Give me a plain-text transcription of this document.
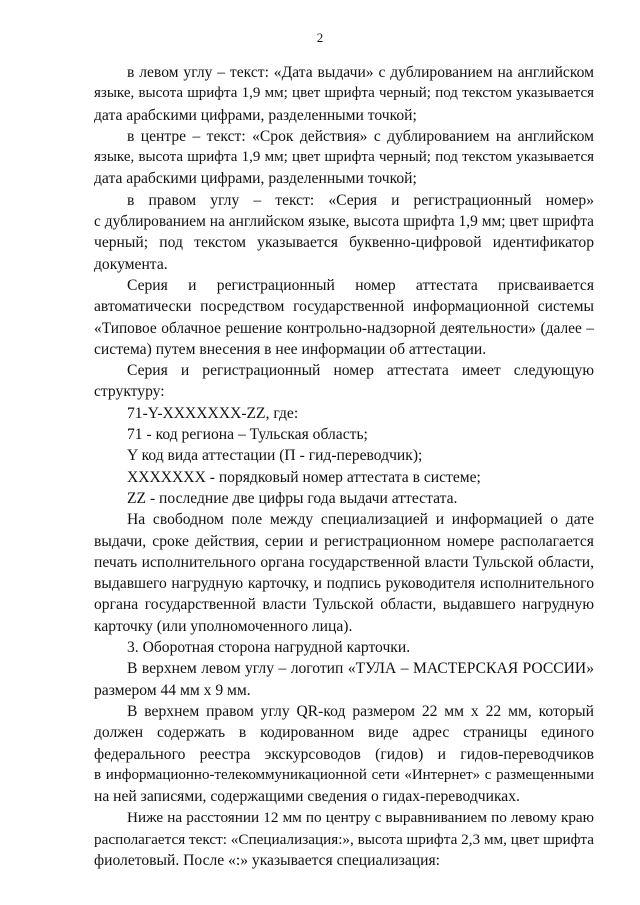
2
в левом углу – текст: «Дата выдачи» с дублированием на английском
языке, высота шрифта 1,9 мм; цвет шрифта черный; под текстом указывается
дата арабскими цифрами, разделенными точкой;
в центре – текст: «Срок действия» с дублированием на английском
языке, высота шрифта 1,9 мм; цвет шрифта черный; под текстом указывается
дата арабскими цифрами, разделенными точкой;
в правом углу – текст: «Серия и регистрационный номер»
с дублированием на английском языке, высота шрифта 1,9 мм; цвет шрифта
черный; под текстом указывается буквенно-цифровой идентификатор
документа.
Серия и регистрационный номер аттестата присваивается
автоматически посредством государственной информационной системы
«Типовое облачное решение контрольно-надзорной деятельности» (далее –
система) путем внесения в нее информации об аттестации.
Серия и регистрационный номер аттестата имеет следующую
структуру:
71-Y-XXXXXXX-ZZ, где:
71 - код региона – Тульская область;
Y код вида аттестации (П - гид-переводчик);
XXXXXXX - порядковый номер аттестата в системе;
ZZ - последние две цифры года выдачи аттестата.
На свободном поле между специализацией и информацией о дате
выдачи, сроке действия, серии и регистрационном номере располагается
печать исполнительного органа государственной власти Тульской области,
выдавшего нагрудную карточку, и подпись руководителя исполнительного
органа государственной власти Тульской области, выдавшего нагрудную
карточку (или уполномоченного лица).
3. Оборотная сторона нагрудной карточки.
В верхнем левом углу – логотип «ТУЛА – МАСТЕРСКАЯ РОССИИ»
размером 44 мм х 9 мм.
В верхнем правом углу QR-код размером 22 мм х 22 мм, который
должен содержать в кодированном виде адрес страницы единого
федерального реестра экскурсоводов (гидов) и гидов-переводчиков
в информационно-телекоммуникационной сети «Интернет» с размещенными
на ней записями, содержащими сведения о гидах-переводчиках.
Ниже на расстоянии 12 мм по центру с выравниванием по левому краю
располагается текст: «Специализация:», высота шрифта 2,3 мм, цвет шрифта
фиолетовый. После «:» указывается специализация:
